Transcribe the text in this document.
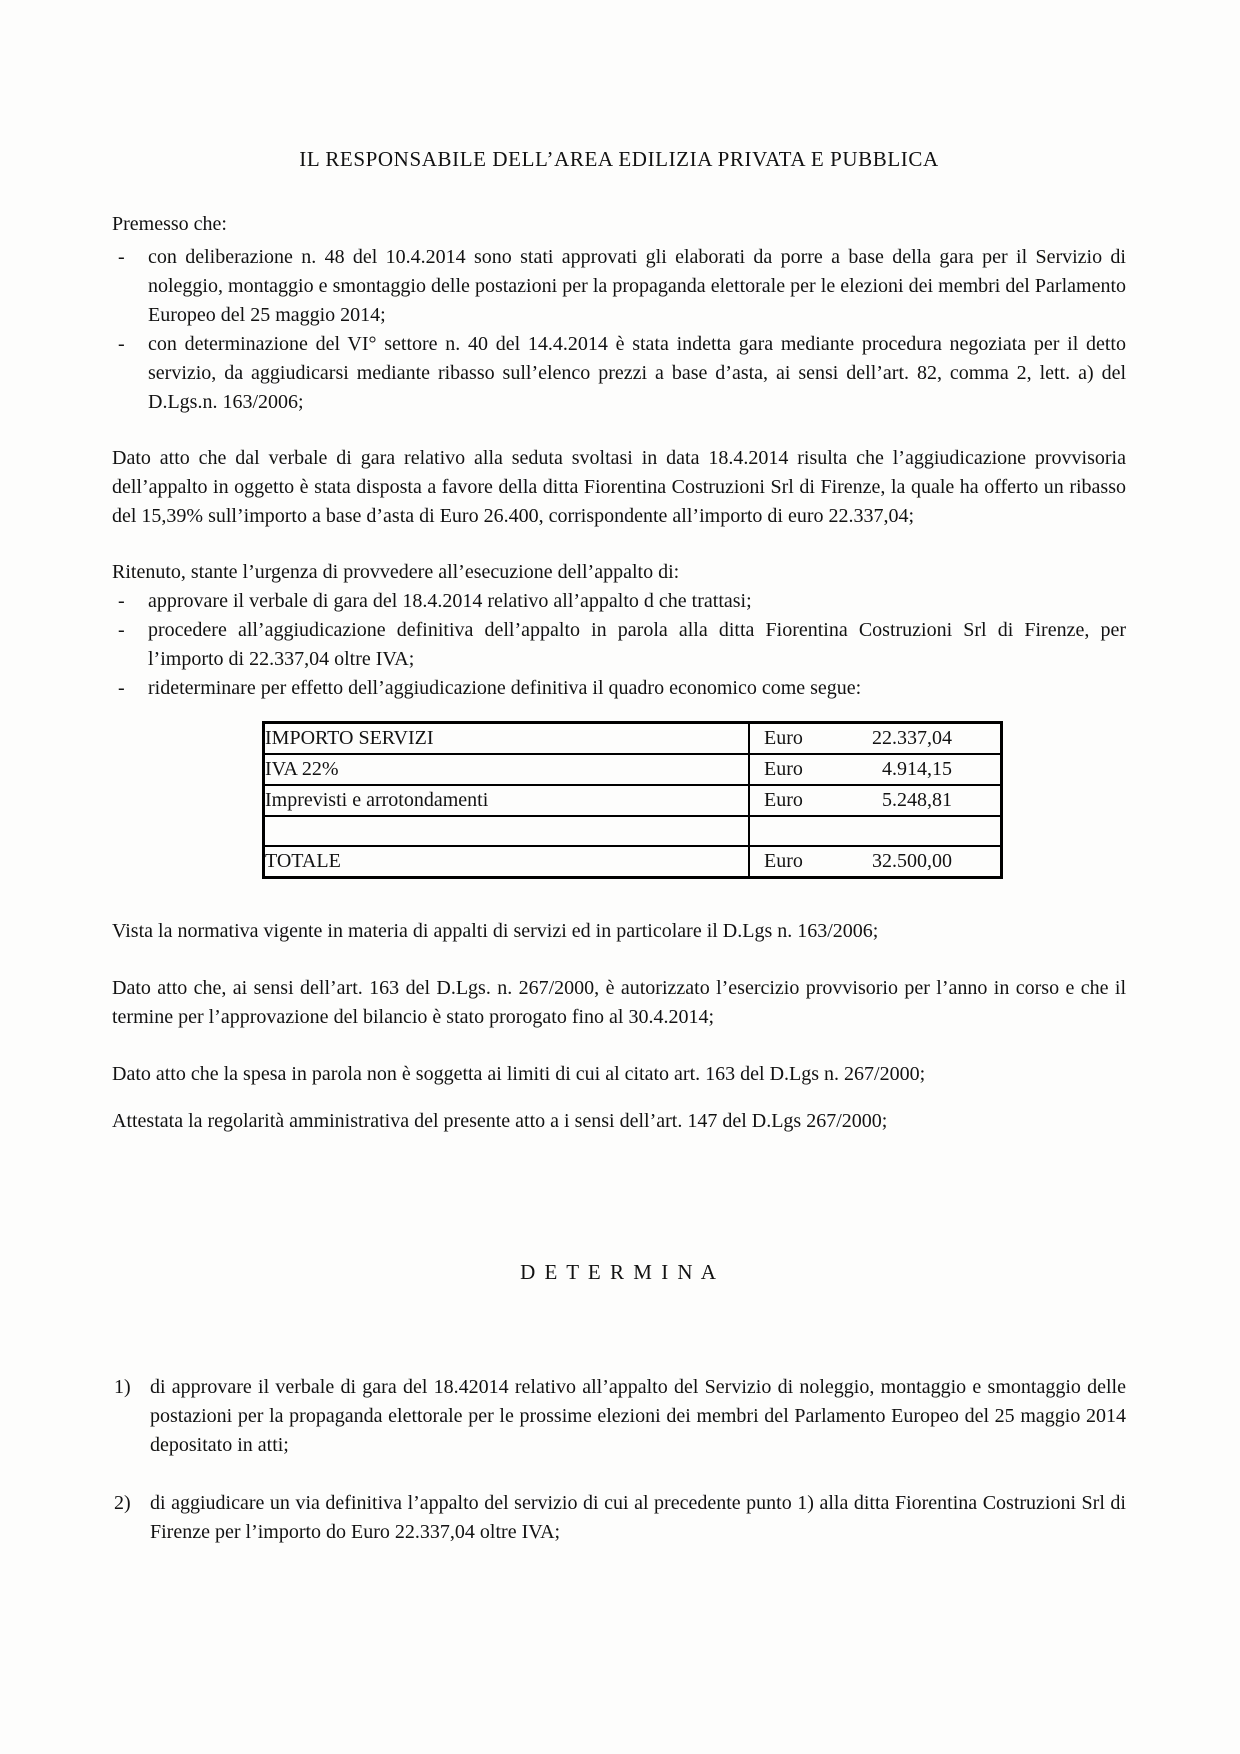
IL RESPONSABILE DELL’AREA EDILIZIA PRIVATA E PUBBLICA

Premesso che:

- con deliberazione n. 48 del 10.4.2014 sono stati approvati gli elaborati da porre a base della gara per il Servizio di noleggio, montaggio e smontaggio delle postazioni per la propaganda elettorale per le elezioni dei membri del Parlamento Europeo del 25 maggio 2014;
- con determinazione del VI° settore n. 40 del 14.4.2014 è stata indetta gara mediante procedura negoziata per il detto servizio, da aggiudicarsi mediante ribasso sull’elenco prezzi a base d’asta, ai sensi dell’art. 82, comma 2, lett. a) del D.Lgs.n. 163/2006;

Dato atto che dal verbale di gara relativo alla seduta svoltasi in data 18.4.2014 risulta che l’aggiudicazione provvisoria dell’appalto in oggetto è stata disposta a favore della ditta Fiorentina Costruzioni Srl di Firenze, la quale ha offerto un ribasso del 15,39% sull’importo a base d’asta di Euro 26.400, corrispondente all’importo di euro 22.337,04;

Ritenuto, stante l’urgenza di provvedere all’esecuzione dell’appalto di:

- approvare il verbale di gara del 18.4.2014 relativo all’appalto d che trattasi;
- procedere all’aggiudicazione definitiva dell’appalto in parola alla ditta Fiorentina Costruzioni Srl di Firenze, per l’importo di 22.337,04 oltre IVA;
- rideterminare per effetto dell’aggiudicazione definitiva il quadro economico come segue:
IMPORTO SERVIZI	Euro 22.337,04

IVA 22%	Euro 4.914,15

Imprevisti e arrotondamenti	Euro 5.248,81

TOTALE	Euro 32.500,00

Vista la normativa vigente in materia di appalti di servizi ed in particolare il D.Lgs n. 163/2006;

Dato atto che, ai sensi dell’art. 163 del D.Lgs. n. 267/2000, è autorizzato l’esercizio provvisorio per l’anno in corso e che il termine per l’approvazione del bilancio è stato prorogato fino al 30.4.2014;

Dato atto che la spesa in parola non è soggetta ai limiti di cui al citato art. 163 del D.Lgs n. 267/2000;

Attestata la regolarità amministrativa del presente atto a i sensi dell’art. 147 del D.Lgs 267/2000;

D E T E R M I N A

1) di approvare il verbale di gara del 18.42014 relativo all’appalto del Servizio di noleggio, montaggio e smontaggio delle postazioni per la propaganda elettorale per le prossime elezioni dei membri del Parlamento Europeo del 25 maggio 2014 depositato in atti;
2) di aggiudicare un via definitiva l’appalto del servizio di cui al precedente punto 1) alla ditta Fiorentina Costruzioni Srl di Firenze per l’importo do Euro 22.337,04 oltre IVA;
